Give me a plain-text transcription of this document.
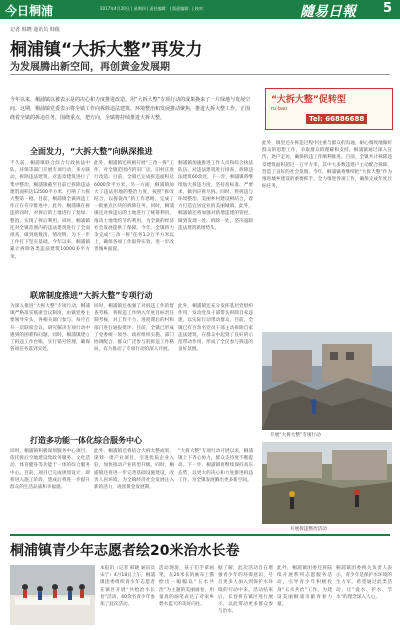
今日桐浦	2017年4月20日 | 星期四 | 责任编辑：| 版面编辑：| 校对：	隨易日報 5
记者 韩晓 通讯员 韩俊
桐浦镇“大拆大整”再发力
为发展腾出新空间，再创黄金发展期
今年以来，桐浦镇以被表示是的决心和力度推进改造。用“大拆大整”专项行动的成果换来了一片绿地与发展空间。这期，桐浦镇党委表示将全镇工作向拆除违法建筑、环境整治和发展推动聚焦，推进大拆大整工作。正围绕着全镇的拆违任务，围绕重点，把方向，全镇将持续推进大拆大整。
“大拆大整”促转型
ru bao
Tel: 66886688
全面发力，“大拆大整”向纵深推进
不久前，桐浦镇联合综合行政执法中队、环保等部门开展专项行动，多方联动，拆除违法建筑，对违章建筑进行了集中整治。桐浦镇截至目前已拆除违法建筑面积达12500平方米，打响了大拆大整第一枪。目前，桐浦镇全镇拆违工作正在有序推进中。此外，桐浦镇在拆违的同时，对拆后的土地进行了复绿、整治，实现了拆后利用。同时，桐浦镇还对全镇范围内的违法建筑进行了全面排查，做到底数清、情况明，为下一步工作打下坚实基础。今年以来，桐浦镇累计拆除各类违法建筑10000多平方米。
此外，桐浦镇还积极开展“三改一拆”工作，对全镇范围内的旧厂房、旧村庄进行改造。目前，全镇已完成拆违面积达6000余平方米。另一方面，桐浦镇加大了违法用地的整治力度，按照“拆改结合、以拆促改”的工作思路，完成了一批重点区块的拆除任务。同时，桐浦镇还对拆违后的土地进行了统筹利用，推动土地集约节约利用，为全镇的经济社会发展提供了保障。今年，全镇将力争完成“三改一拆”任务1.2万平方米以上，确保各项工作取得实效，进一步改善城乡面貌。
桐浦镇加速推进工作人员和综合执法队伍，对违法建筑进行排查，拆除违法建筑60余处。下一步，桐浦镇将继续加大拆违力度，坚持高标准、严要求，做到应拆尽拆。同时，将拆违与环境整治、美丽乡村建设相结合，着力打造宜居宜业的美丽城镇。此外，桐浦镇还将加强对新增违建的管控，做到发现一处、拆除一处，坚决遏制违法建筑新增势头。
联席制度推进“大拆大整”专项行动
为深入推进“大拆大整”专项行动，桐浦镇严格落实联席会议制度，由镇党委主要领导牵头，各相关部门参与，每月召开一次联席会议，研究解决专项行动中遇到的困难和问题。同时，桐浦镇建立了拆违工作台账，实行销号管理，确保各项任务落到实处。
同时，桐浦镇还加强了对拆违工作的督查考核，将拆违工作纳入年度目标责任制考核，对工作不力、进度滞后的村和部门进行通报批评。目前，全镇已形成了党委统一领导、政府组织实施、部门协调配合、群众广泛参与的拆违工作格局，有力推动了专项行动的深入开展。
此外，桐浦镇还充分发挥基层党组织作用，发动党员干部带头拆除自家违建，以实际行动带动群众。目前，全镇已有百余名党员干部主动拆除自家违法建筑，在群众中起到了良好的示范带动作用，形成了全民参与拆违的良好氛围。
打造多功能一体化综合服务中心
同时，桐浦镇积极谋划服务中心项目，依托拆后空地建设集政务服务、文化活动、体育健身等功能于一体的综合服务中心。目前，项目已完成规划设计，即将进入施工阶段，建成后将进一步提升群众的生活品质和幸福感。
此外，桐浦镇还将结合大拆大整成果，谋划一批产业项目，引进优质企业入驻，加快推动产业转型升级。同时，桐浦镇还将进一步完善基础设施建设，改善人居环境，为全镇经济社会发展注入新的活力，再创黄金发展期。
“大拆大整”专项行动开展以来，桐浦镇上下齐心协力，群众支持度不断提高。下一步，桐浦镇将继续保持高压态势，以更大的决心和力度推进拆违工作，为全镇发展腾出更多新空间。
此外，镇里还在拆违过程中注重与群众的沟通，耐心细致地做好群众的思想工作，争取群众的理解和支持。桐浦镇通过深入宣传、逐户走访，确保拆违工作顺利推进。目前，全镇共计拆除违章建筑面积超过一万平方米，其中大多数违建户主动配合拆除，营造了良好的社会氛围。今年，桐浦镇将继续把“大拆大整”作为推进城乡建设的重要抓手，全力推进各项工作，确保完成年度目标任务。
开展“大拆大整”专项行动
开展拆违整治活动
桐浦镇青少年志愿者绘20米治水长卷
本报讯（记者 韩晓 通讯员 宋宁）4月18日上午，桐浦镇团委组织青少年志愿者在镇区开展“共绘治水长卷”活动，40余名青少年参加了此次活动。
活动现场，孩子们手拿画笔，在20米长的画布上描绘出一幅幅以“五水共治”为主题的美丽画卷，用童真的画笔表达了对家乡碧水蓝天的美好向往。
据了解，此次活动旨在增强青少年的环保意识，号召更多人加入到保护水环境的行动中来。活动结束后，长卷将在镇区进行展示，以此带动更多群众参与治水。
此外，桐浦镇团委还将陆续开展系列志愿服务活动，引导青少年积极投身“五水共治”工作，为建设美丽桐浦贡献青春力量。
桐浦镇团委相关负责人表示，青少年是保护水环境的生力军，希望通过此类活动，让“爱水、护水、节水”的理念深入人心。
